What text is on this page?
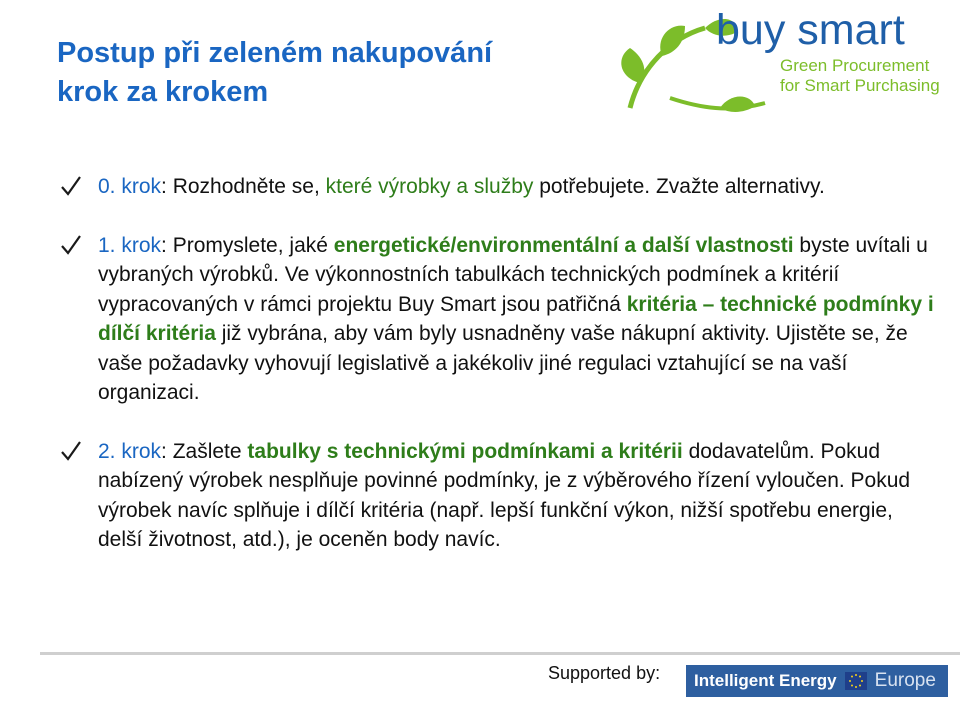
Postup při zeleném nakupování
krok za krokem
buy smart
Green Procurement
for Smart Purchasing

0. krok: Rozhodněte se, které výrobky a služby potřebujete. Zvažte alternativy.

1. krok: Promyslete, jaké energetické/environmentální a další vlastnosti byste uvítali u vybraných výrobků. Ve výkonnostních tabulkách technických podmínek a kritérií vypracovaných v rámci projektu Buy Smart jsou patřičná kritéria – technické podmínky i dílčí kritéria již vybrána, aby vám byly usnadněny vaše nákupní aktivity. Ujistěte se, že vaše požadavky vyhovují legislativě a jakékoliv jiné regulaci vztahující se na vaší organizaci.

2. krok: Zašlete tabulky s technickými podmínkami a kritérii dodavatelům. Pokud nabízený výrobek nesplňuje povinné podmínky, je z výběrového řízení vyloučen. Pokud výrobek navíc splňuje i dílčí kritéria (např. lepší funkční výkon, nižší spotřebu energie, delší životnost, atd.), je oceněn body navíc.

Supported by:	Intelligent Energy Europe
